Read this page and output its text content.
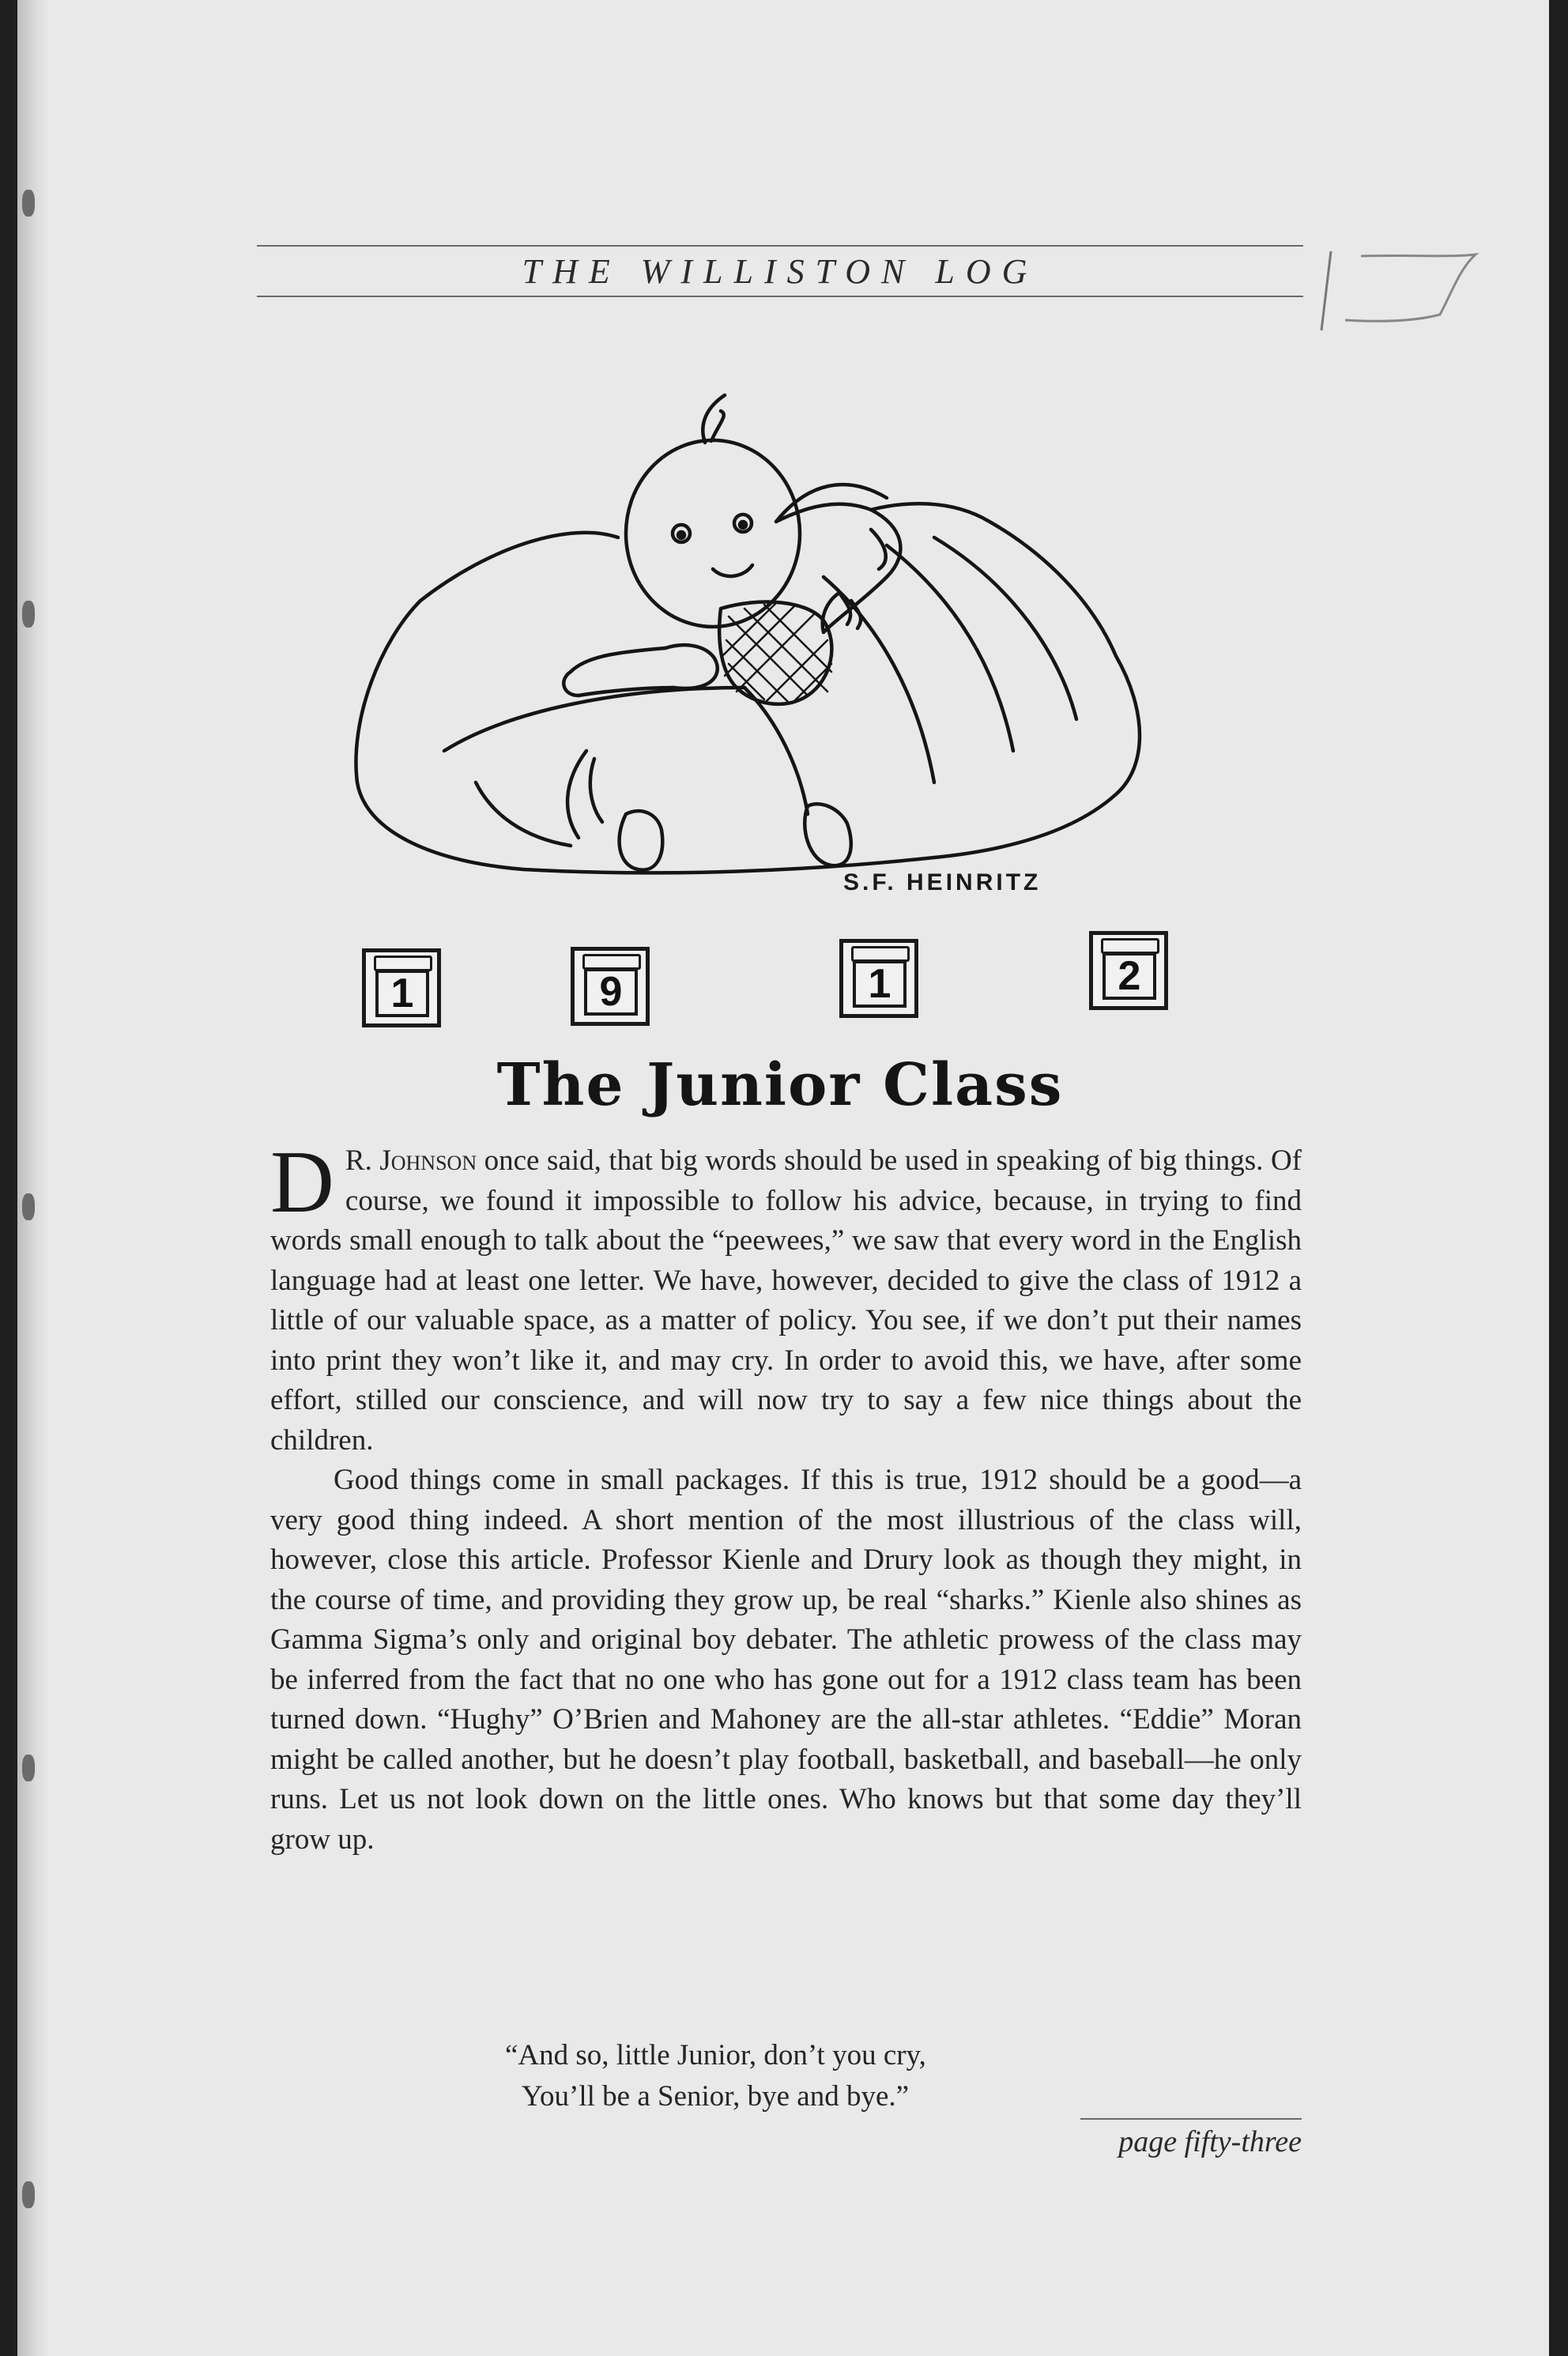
THE WILLISTON LOG
S.F. HEINRITZ
1	9	1	2
The Junior Class

D R. Johnson once said, that big words should be used in speaking of big things. Of course, we found it impossible to follow his advice, because, in trying to find words small enough to talk about the “peewees,” we saw that every word in the English language had at least one letter. We have, however, decided to give the class of 1912 a little of our valuable space, as a matter of policy. You see, if we don’t put their names into print they won’t like it, and may cry. In order to avoid this, we have, after some effort, stilled our conscience, and will now try to say a few nice things about the children.

Good things come in small packages. If this is true, 1912 should be a good—a very good thing indeed. A short mention of the most illustrious of the class will, however, close this article. Professor Kienle and Drury look as though they might, in the course of time, and providing they grow up, be real “sharks.” Kienle also shines as Gamma Sigma’s only and original boy debater. The athletic prowess of the class may be inferred from the fact that no one who has gone out for a 1912 class team has been turned down. “Hughy” O’Brien and Mahoney are the all-star athletes. “Eddie” Moran might be called another, but he doesn’t play football, basketball, and baseball—he only runs. Let us not look down on the little ones. Who knows but that some day they’ll grow up.

“And so, little Junior, don’t you cry,
You’ll be a Senior, bye and bye.”
page fifty-three
